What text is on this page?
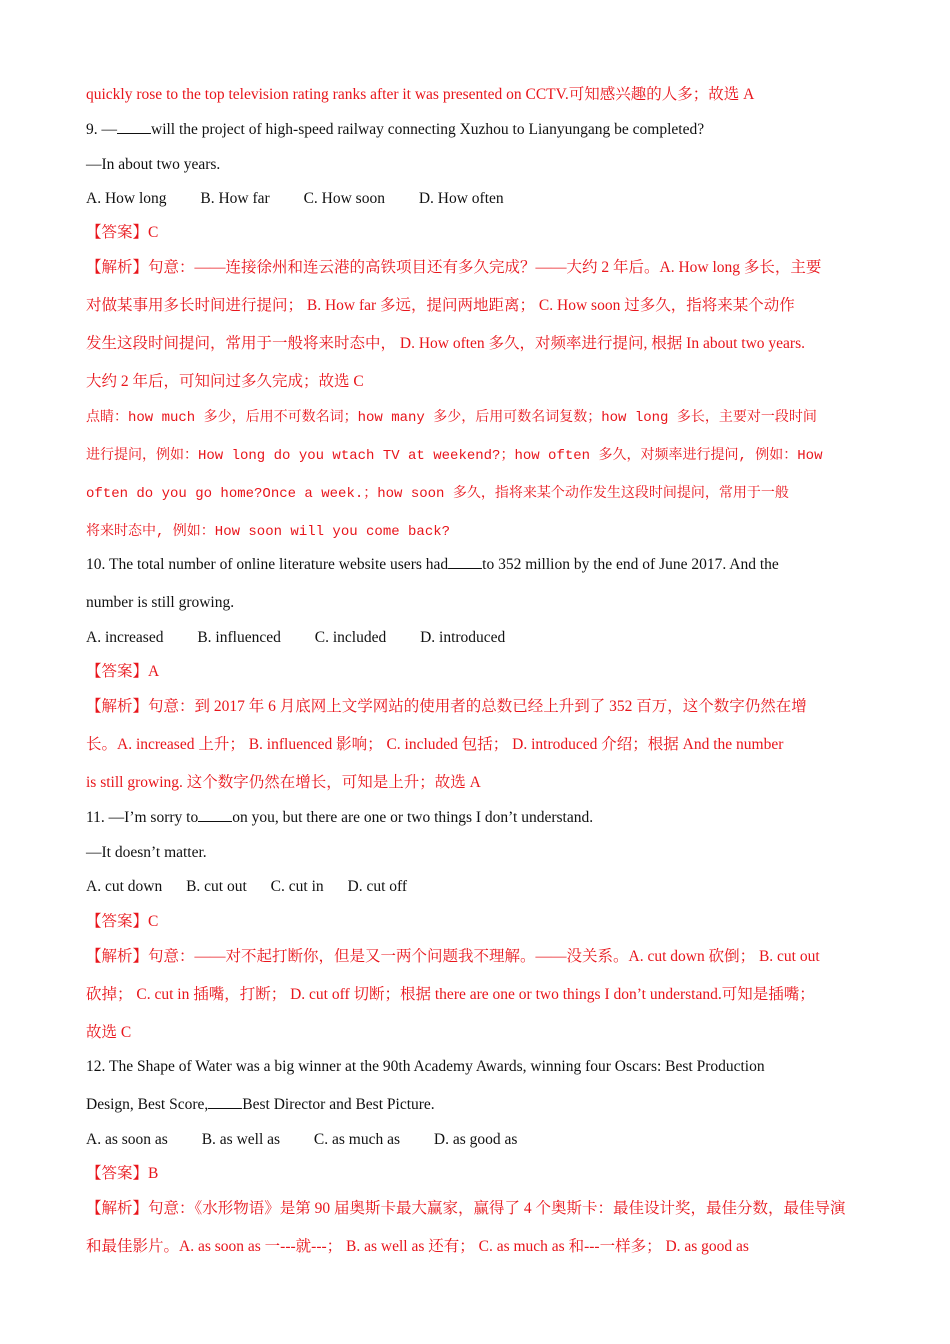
quickly rose to the top television rating ranks after it was presented on CCTV.可知感兴趣的人多；故选 A
9. — will the project of high-speed railway connecting Xuzhou to Lianyungang be completed?
—In about two years.
A. How long B. How far C. How soon D. How often
【答案】C
【解析】句意：——连接徐州和连云港的高铁项目还有多久完成？——大约 2 年后。A. How long 多长，主要
对做某事用多长时间进行提问； B. How far 多远，提问两地距离； C. How soon 过多久，指将来某个动作
发生这段时间提问，常用于一般将来时态中， D. How often 多久，对频率进行提问, 根据 In about two years.
大约 2 年后，可知问过多久完成；故选 C
点睛：how much 多少，后用不可数名词；how many 多少，后用可数名词复数；how long 多长，主要对一段时间
进行提问，例如：How long do you wtach TV at weekend?；how often 多久，对频率进行提问, 例如：How
often do you go home?Once a week.；how soon 多久，指将来某个动作发生这段时间提问，常用于一般
将来时态中, 例如：How soon will you come back?
10. The total number of online literature website users had to 352 million by the end of June 2017. And the
number is still growing.
A. increased B. influenced C. included D. introduced
【答案】A
【解析】句意：到 2017 年 6 月底网上文学网站的使用者的总数已经上升到了 352 百万，这个数字仍然在增
长。A. increased 上升； B. influenced 影响； C. included 包括； D. introduced 介绍；根据 And the number
is still growing. 这个数字仍然在增长，可知是上升；故选 A
11. —I’m sorry to on you, but there are one or two things I don’t understand.
—It doesn’t matter.
A. cut down B. cut out C. cut in D. cut off
【答案】C
【解析】句意：——对不起打断你，但是又一两个问题我不理解。——没关系。A. cut down 砍倒； B. cut out
砍掉； C. cut in 插嘴，打断； D. cut off 切断；根据 there are one or two things I don’t understand.可知是插嘴；
故选 C
12. The Shape of Water was a big winner at the 90th Academy Awards, winning four Oscars: Best Production
Design, Best Score, Best Director and Best Picture.
A. as soon as B. as well as C. as much as D. as good as
【答案】B
【解析】句意：《水形物语》是第 90 届奥斯卡最大赢家，赢得了 4 个奥斯卡：最佳设计奖，最佳分数，最佳导演
和最佳影片。A. as soon as 一---就---； B. as well as 还有； C. as much as 和---一样多； D. as good as
